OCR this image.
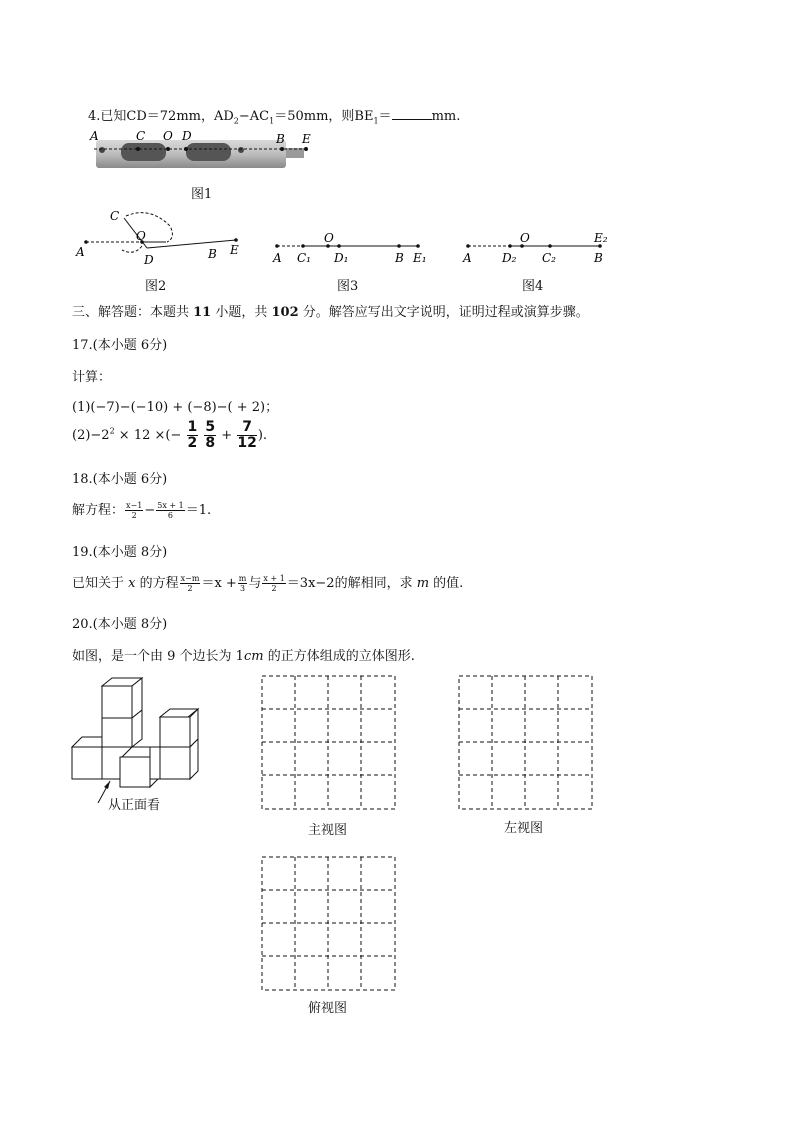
4.已知CD＝72mm，$AD_2-AC_1=50mm$，则$BE_1=$	mm.
A	C O D	B E
图1
C
O
A
D	B E
图2
O
A C₁ D₁	B E₁
图3
O	E₂
A	D₂ C₂	B
图4
三、解答题：本题共 11 小题，共 102 分。解答应写出文字说明，证明过程或演算步骤。
17.(本小题 6分)
计算：
(1)(−7)−(−10) + (−8)−( + 2)；
$(2)-2^2 \times 12$ ×(− $\frac{1}{2}$
$\frac{5}{8} + \frac{7}{12}$ ).
18.(本小题 6分)
解方程： $\frac{x-1}{2} - \frac{5x + 1}{6} =1$.
19.(本小题 8分)
已知关于 x 的方程 $\frac{x-m}{2} =x + \frac{m}{3}$ 与 $\frac{x + 1}{2} =3x-2$的解相同，求 m 的值.
20.(本小题 8分)
如图，是一个由 9 个边长为 1cm 的正方体组成的立体图形.
从正面看
主视图	左视图
俯视图
